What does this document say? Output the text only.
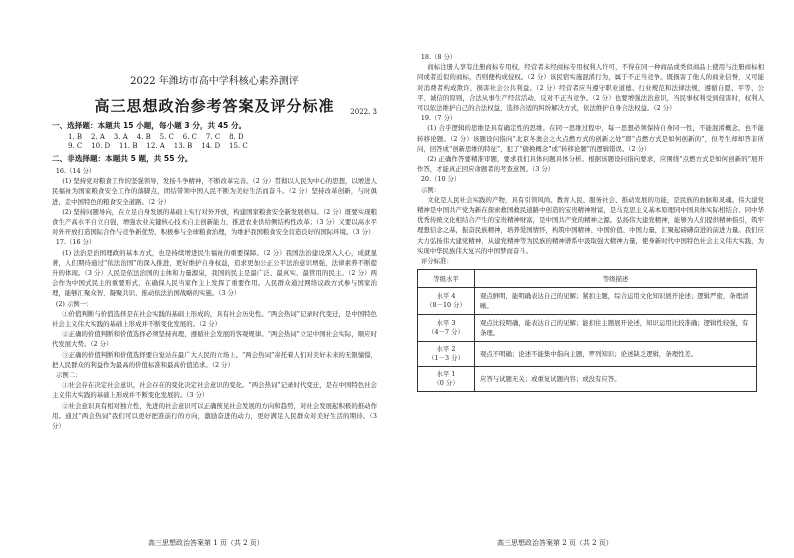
2022 年潍坊市高中学科核心素养测评
高三思想政治参考答案及评分标准	2022. 3
一、选择题：本题共 15 小题，每小题 3 分，共 45 分。
1. B    2. A    3. A    4. B    5. C    6. C    7. C    8. D
9. C    10. D    11. B    12. A    13. B    14. D    15. C
二、非选择题：本题共 5 题，共 55 分。

16.（14 分）

(1) 坚持党对粮食工作的坚强领导，发扬斗争精神，不断改革完善。（2 分）贯彻以人民为中心的思想，以增进人民福祉为国家粮食安全工作的落脚点，团结带领中国人民不断为美好生活而奋斗。（2 分）坚持改革创新，与时俱进，走中国特色的粮食安全道路。（2 分）

(2) 坚持问题导向，在立足自身发展的基础上实行对外开放，构建国家粮食安全新发展格局。（2 分）既要实现粮食生产高水平自立自强，增强农业关键核心技术自主创新能力，推进农业供给侧结构性改革；（3 分）又要以高水平对外开放打造国际合作与竞争新优势，积极参与全球粮食治理，为维护我国粮食安全营造良好的国际环境。（3 分）

17.（16 分）

(1) 法治是治国理政的基本方式，也是持续增进民生福祉的重要保障。（2 分）我国法治建设深入人心，成就显著，人们期待通过“依法治国”的深入推进，更好维护自身权益，追求更加公正公平法治意识增强，法律素养不断提升的体现。（3 分）人民是依法治国的主体和力量源泉，我国的民主是最广泛、最真实、最管用的民主。（2 分）两会作为中国式民主的重要形式，在确保人民当家作主上发挥了重要作用。人民群众通过网络议政方式参与国家治理，能够汇聚众智，凝聚共识，推动依法治国战略的实施。（3 分）

(2) 示例一：

①价值判断与价值选择是在社会实践的基础上形成的，具有社会历史性。“两会热词”记录时代变迁，是中国特色社会主义伟大实践的基础上形成并不断变化发展的。（2 分）

②正确的价值判断和价值选择必须坚持真理，遵循社会发展的客观规律。“两会热词”立足中国社会实际，顺应时代发展大势。（2 分）

③正确的价值判断和价值选择要自觉站在最广大人民的立场上。“两会热词”寄托着人们对美好未来的无限憧憬，把人民群众的利益作为最高的价值标准和最高价值追求。（2 分）

示例二：

①社会存在决定社会意识，社会存在的变化决定社会意识的变化。“两会热词”记录时代变迁，是在中国特色社会主义伟大实践的基础上形成并不断变化发展的。（3 分）

②社会意识具有相对独立性，先进的社会意识可以正确预见社会发展的方向和趋势，对社会发展起积极的推动作用。通过“两会热词”我们可以更好把准前行的方向，激励奋进的动力，更好满足人民群众对美好生活的期待。（3 分）

高三思想政治答案第 1 页（共 2 页）

18.（8 分）

商标注册人享有注册商标专用权，经营者未经商标专用权利人许可，不得在同一种商品或类似商品上使用与注册商标相同或者近似的商标，否则便构成侵权。（2 分）该民宿实施混淆行为，属于不正当竞争。既损害了他人的商业信誉，又可能对消费者构成欺诈，损害社会公共利益。（2 分）经营者应当遵守职业道德、行业规范和法律法规，遵循自愿、平等、公平、诚信的原则，合法从事生产经营活动，反对不正当竞争。（2 分）也要增强法治意识，当民事权利受到侵害时，权利人可以依法维护自己的合法权益，选择合适的纠纷解决方式，依法维护自身合法权益。（2 分）

19.（7 分）

(1) 合乎逻辑的思维是具有确定性的思维。在同一思维过程中，每一思想必须保持自身同一性，不能混淆概念，也不能转移论题。（2 分）该题设问指向“北京冬奥会之火点燃方式的创新之处”即“点燃方式是如何创新的”，但考生却却答非所问，回答成“创新思维的特征”，犯了“偷换概念”或“转移论题”的逻辑错误。（2 分）

(2) 正确作答要精准审题，要求我们具体问题具体分析。根据该题设问指向要求，应围绕“点燃方式是如何创新的”展开作答，才能真正回应命题者的考查意图。（3 分）

20.（10 分）

示例：

文化是人民社会实践的产物，具有引领风尚、教育人民、服务社会、推动发展的功能，是民族的血脉和灵魂。伟大建党精神是中国共产党为新在探索救国救民道路中创造的宝贵精神财富，是马克思主义基本原理同中国具体实际相结合、同中华优秀传统文化相结合产生的宝贵精神财富，是中国共产党的精神之源。弘扬伟大建党精神，能够为人们提供精神指引，筑牢理想信念之基，振奋民族精神，培养爱国情怀，构筑中国精神、中国价值、中国力量，汇聚起磅礴奋进的前进力量。我们应大力弘扬伟大建党精神，从建党精神等为民族的精神谱系中汲取强大精神力量，使身新时代中国特色社会主义伟大实践，为实现中华民族伟大复兴的中国梦而奋斗。

评分标准：

等级水平	等级描述
水平 4
（8－10 分）	观点鲜明，能明确表达自己的见解；紧扣主题，综合运用文化知识展开论述；逻辑严密，条理清晰。
水平 3
（4－7 分）	观点比较明确，能表达自己的见解；能扣住主题展开论述，知识运用比较准确；逻辑性较强，有条理。
水平 2
（1－3 分）	观点不明确；论述不能集中指向主题，罗列知识；论述缺乏逻辑，条理性差。
水平 1
（0 分）	应答与试题无关；或重复试题内容；或没有应答。
高三思想政治答案第 2 页（共 2 页）
